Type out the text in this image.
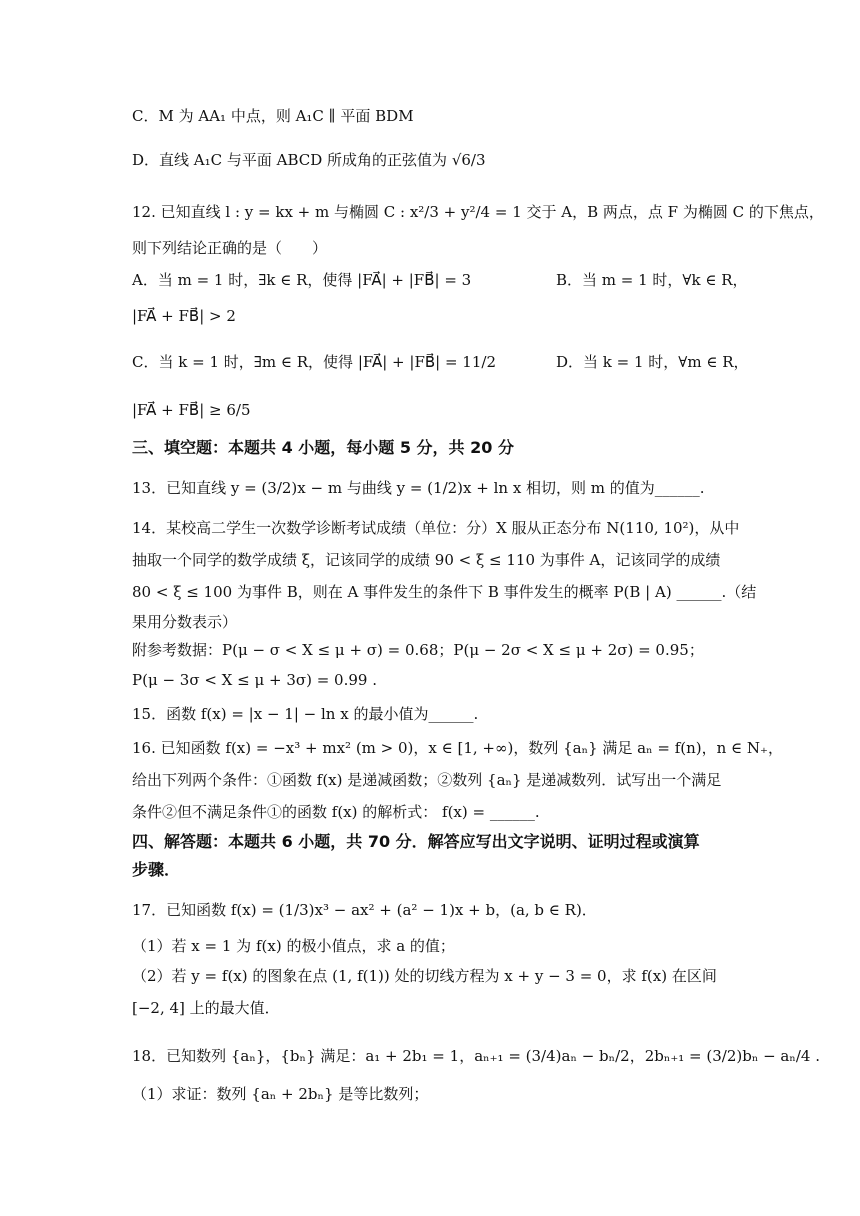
C．M 为 AA₁ 中点，则 A₁C ∥ 平面 BDM
D．直线 A₁C 与平面 ABCD 所成角的正弦值为 √6/3
12. 已知直线 l : y = kx + m 与椭圆 C : x²/3 + y²/4 = 1 交于 A，B 两点，点 F 为椭圆 C 的下焦点，
则下列结论正确的是（　　）
A．当 m = 1 时，∃k ∈ R，使得 |FA⃗| + |FB⃗| = 3	B．当 m = 1 时，∀k ∈ R，
|FA⃗ + FB⃗| > 2
C．当 k = 1 时，∃m ∈ R，使得 |FA⃗| + |FB⃗| = 11/2	D．当 k = 1 时，∀m ∈ R，
|FA⃗ + FB⃗| ≥ 6/5
三、填空题：本题共 4 小题，每小题 5 分，共 20 分
13．已知直线 y = (3/2)x − m 与曲线 y = (1/2)x + ln x 相切，则 m 的值为______.
14．某校高二学生一次数学诊断考试成绩（单位：分）X 服从正态分布 N(110, 10²)，从中
抽取一个同学的数学成绩 ξ，记该同学的成绩 90 < ξ ≤ 110 为事件 A，记该同学的成绩
80 < ξ ≤ 100 为事件 B，则在 A 事件发生的条件下 B 事件发生的概率 P(B | A) ______.（结
果用分数表示）
附参考数据：P(μ − σ < X ≤ μ + σ) = 0.68；P(μ − 2σ < X ≤ μ + 2σ) = 0.95；
P(μ − 3σ < X ≤ μ + 3σ) = 0.99 .
15．函数 f(x) = |x − 1| − ln x 的最小值为______.
16. 已知函数 f(x) = −x³ + mx² (m > 0)，x ∈ [1, +∞)，数列 {aₙ} 满足 aₙ = f(n)，n ∈ N₊，
给出下列两个条件：①函数 f(x) 是递减函数；②数列 {aₙ} 是递减数列．试写出一个满足
条件②但不满足条件①的函数 f(x) 的解析式： f(x) = ______.
四、解答题：本题共 6 小题，共 70 分．解答应写出文字说明、证明过程或演算
步骤．
17．已知函数 f(x) = (1/3)x³ − ax² + (a² − 1)x + b，(a, b ∈ R)．
（1）若 x = 1 为 f(x) 的极小值点，求 a 的值；
（2）若 y = f(x) 的图象在点 (1, f(1)) 处的切线方程为 x + y − 3 = 0，求 f(x) 在区间
[−2, 4] 上的最大值．
18．已知数列 {aₙ}，{bₙ} 满足：a₁ + 2b₁ = 1，aₙ₊₁ = (3/4)aₙ − bₙ/2，2bₙ₊₁ = (3/2)bₙ − aₙ/4 .
（1）求证：数列 {aₙ + 2bₙ} 是等比数列；
